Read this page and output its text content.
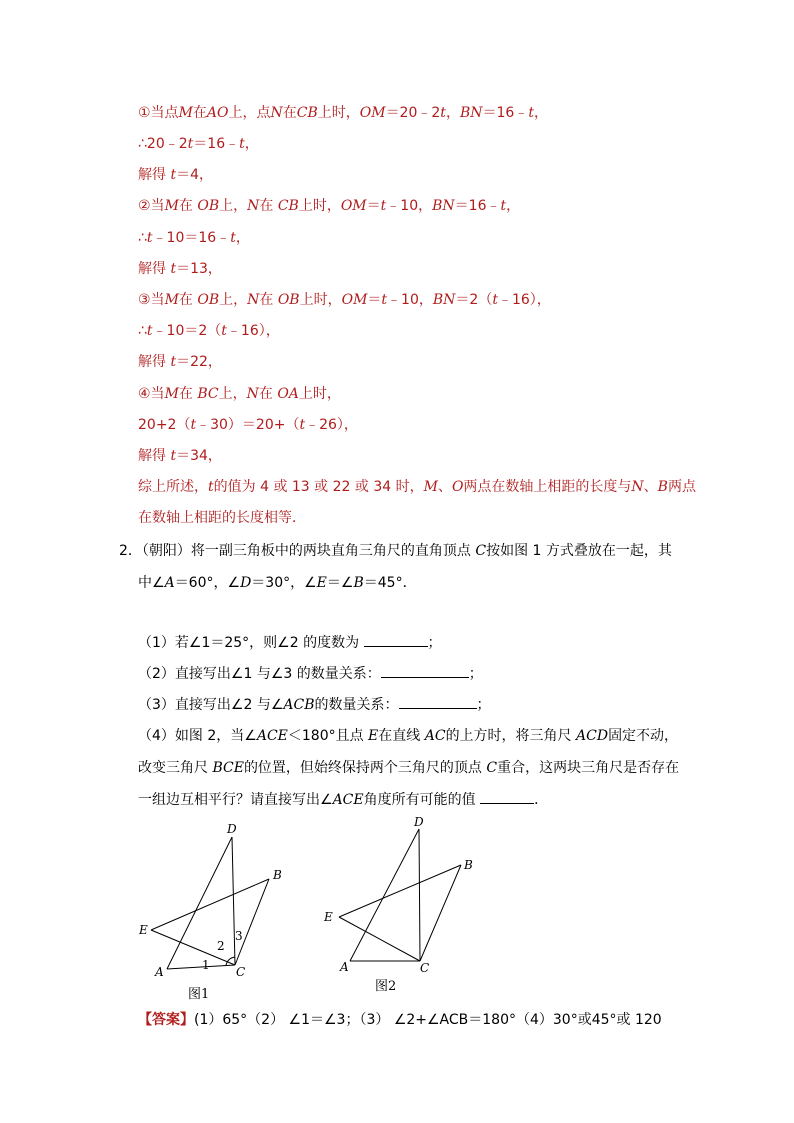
①当点M在AO上，点N在CB上时，OM＝20﹣2t，BN＝16﹣t，
∴20﹣2t＝16﹣t，
解得 t＝4，
②当M在 OB上，N在 CB上时，OM＝t﹣10，BN＝16﹣t，
∴t﹣10＝16﹣t，
解得 t＝13，
③当M在 OB上，N在 OB上时，OM＝t﹣10，BN＝2（t﹣16），
∴t﹣10＝2（t﹣16），
解得 t＝22，
④当M在 BC上，N在 OA上时，
20+2（t﹣30）＝20+（t﹣26），
解得 t＝34，
综上所述，t的值为 4 或 13 或 22 或 34 时，M、O两点在数轴上相距的长度与N、B两点
在数轴上相距的长度相等．
2．（朝阳）将一副三角板中的两块直角三角尺的直角顶点 C按如图 1 方式叠放在一起，其
中∠A＝60°，∠D＝30°，∠E＝∠B＝45°．
（1）若∠1＝25°，则∠2 的度数为	；
（2）直接写出∠1 与∠3 的数量关系：	；
（3）直接写出∠2 与∠ACB的数量关系：	；
（4）如图 2，当∠ACE＜180°且点 E在直线 AC的上方时，将三角尺 ACD固定不动，
改变三角尺 BCE的位置，但始终保持两个三角尺的顶点 C重合，这两块三角尺是否存在
一组边互相平行？请直接写出∠ACE角度所有可能的值	．
D
B
E
A	C
1
2
3
图1
D
B
E
A	C
图2
【答案】(1）65°（2） ∠1＝∠3；（3） ∠2+∠ACB＝180°（4）30°或45°或 120
